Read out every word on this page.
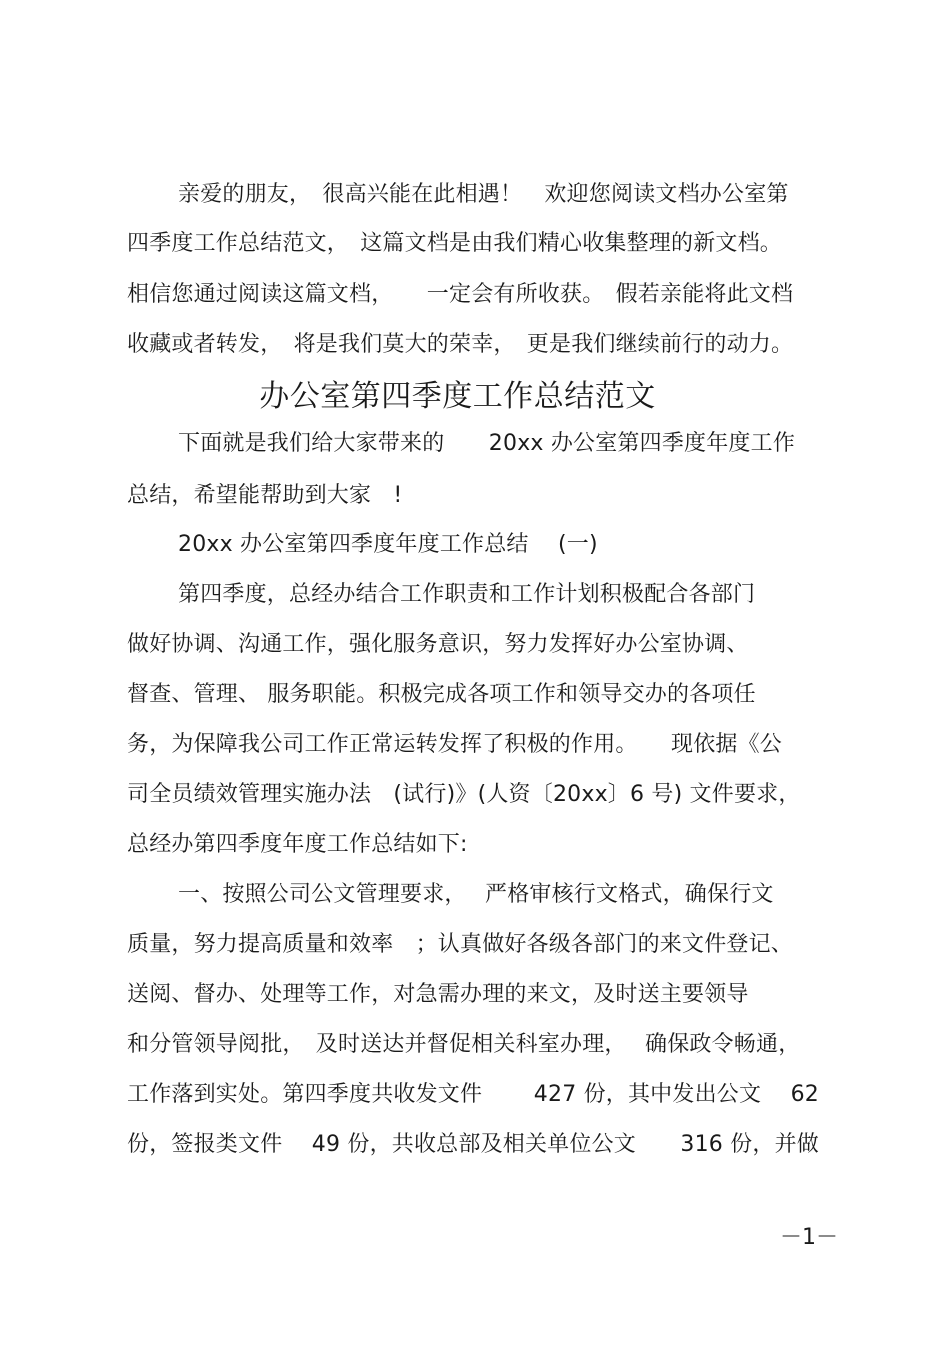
亲爱的朋友，　很高兴能在此相遇！　欢迎您阅读文档办公室第
四季度工作总结范文，　这篇文档是由我们精心收集整理的新文档。
相信您通过阅读这篇文档，　　一定会有所收获。　假若亲能将此文档
收藏或者转发，　将是我们莫大的荣幸，　更是我们继续前行的动力。
办公室第四季度工作总结范文
下面就是我们给大家带来的　　20xx 办公室第四季度年度工作
总结，希望能帮助到大家　!
20xx 办公室第四季度年度工作总结　 (一)
第四季度，总经办结合工作职责和工作计划积极配合各部门
做好协调、沟通工作，强化服务意识，努力发挥好办公室协调、
督查、管理、 服务职能。积极完成各项工作和领导交办的各项任
务，为保障我公司工作正常运转发挥了积极的作用。　　现依据《公
司全员绩效管理实施办法　(试行)》(人资〔20xx〕6 号) 文件要求，
总经办第四季度年度工作总结如下:
一、按照公司公文管理要求，　 严格审核行文格式，确保行文
质量，努力提高质量和效率　；认真做好各级各部门的来文件登记、
送阅、督办、处理等工作，对急需办理的来文，及时送主要领导
和分管领导阅批，　及时送达并督促相关科室办理，　 确保政令畅通，
工作落到实处。第四季度共收发文件　　 427 份，其中发出公文　 62
份，签报类文件　 49 份，共收总部及相关单位公文　　316 份，并做
－1－
